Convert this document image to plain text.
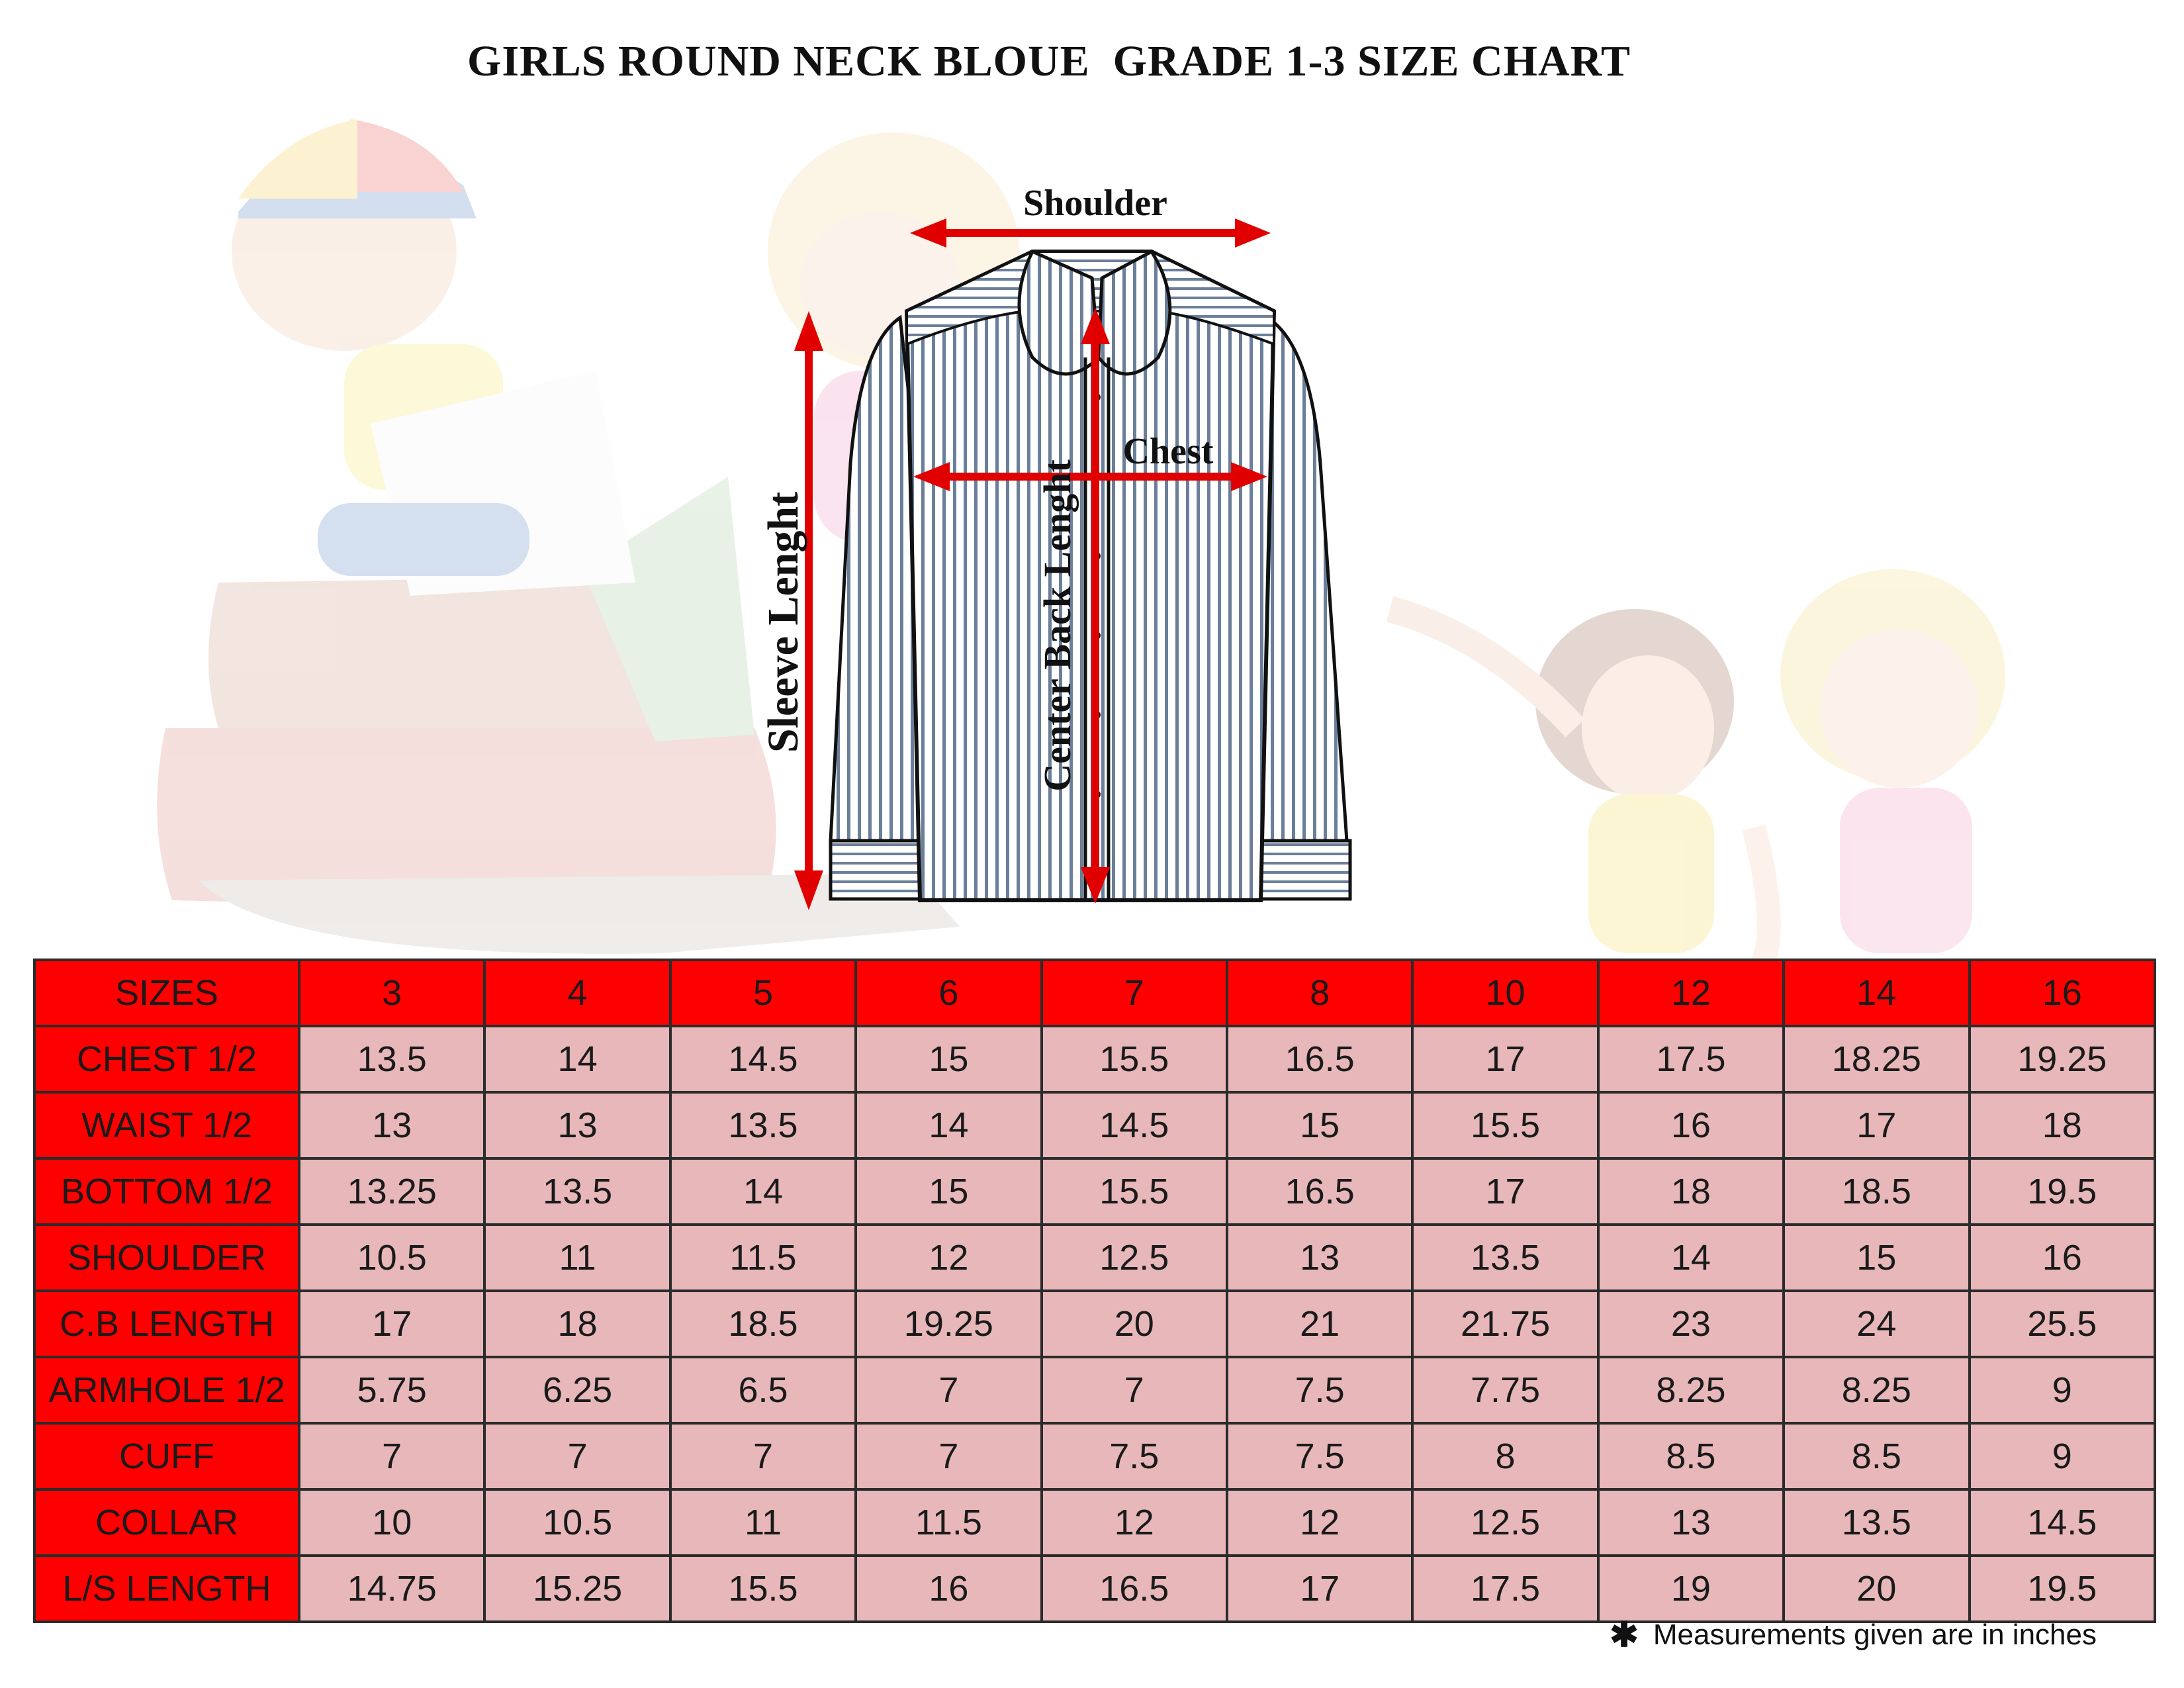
GIRLS ROUND NECK BLOUE  GRADE 1-3 SIZE CHART
Shoulder
Chest
Sleeve Lenght	Center Back Lenght
SIZES	3	4	5	6	7	8	10	12	14	16
CHEST 1/2	13.5	14	14.5	15	15.5	16.5	17	17.5	18.25	19.25
WAIST 1/2	13	13	13.5	14	14.5	15	15.5	16	17	18
BOTTOM 1/2	13.25	13.5	14	15	15.5	16.5	17	18	18.5	19.5
SHOULDER	10.5	11	11.5	12	12.5	13	13.5	14	15	16
C.B LENGTH	17	18	18.5	19.25	20	21	21.75	23	24	25.5
ARMHOLE 1/2	5.75	6.25	6.5	7	7	7.5	7.75	8.25	8.25	9
CUFF	7	7	7	7	7.5	7.5	8	8.5	8.5	9
COLLAR	10	10.5	11	11.5	12	12	12.5	13	13.5	14.5
L/S LENGTH	14.75	15.25	15.5	16	16.5	17	17.5	19	20	19.5
✱ Measurements given are in inches
